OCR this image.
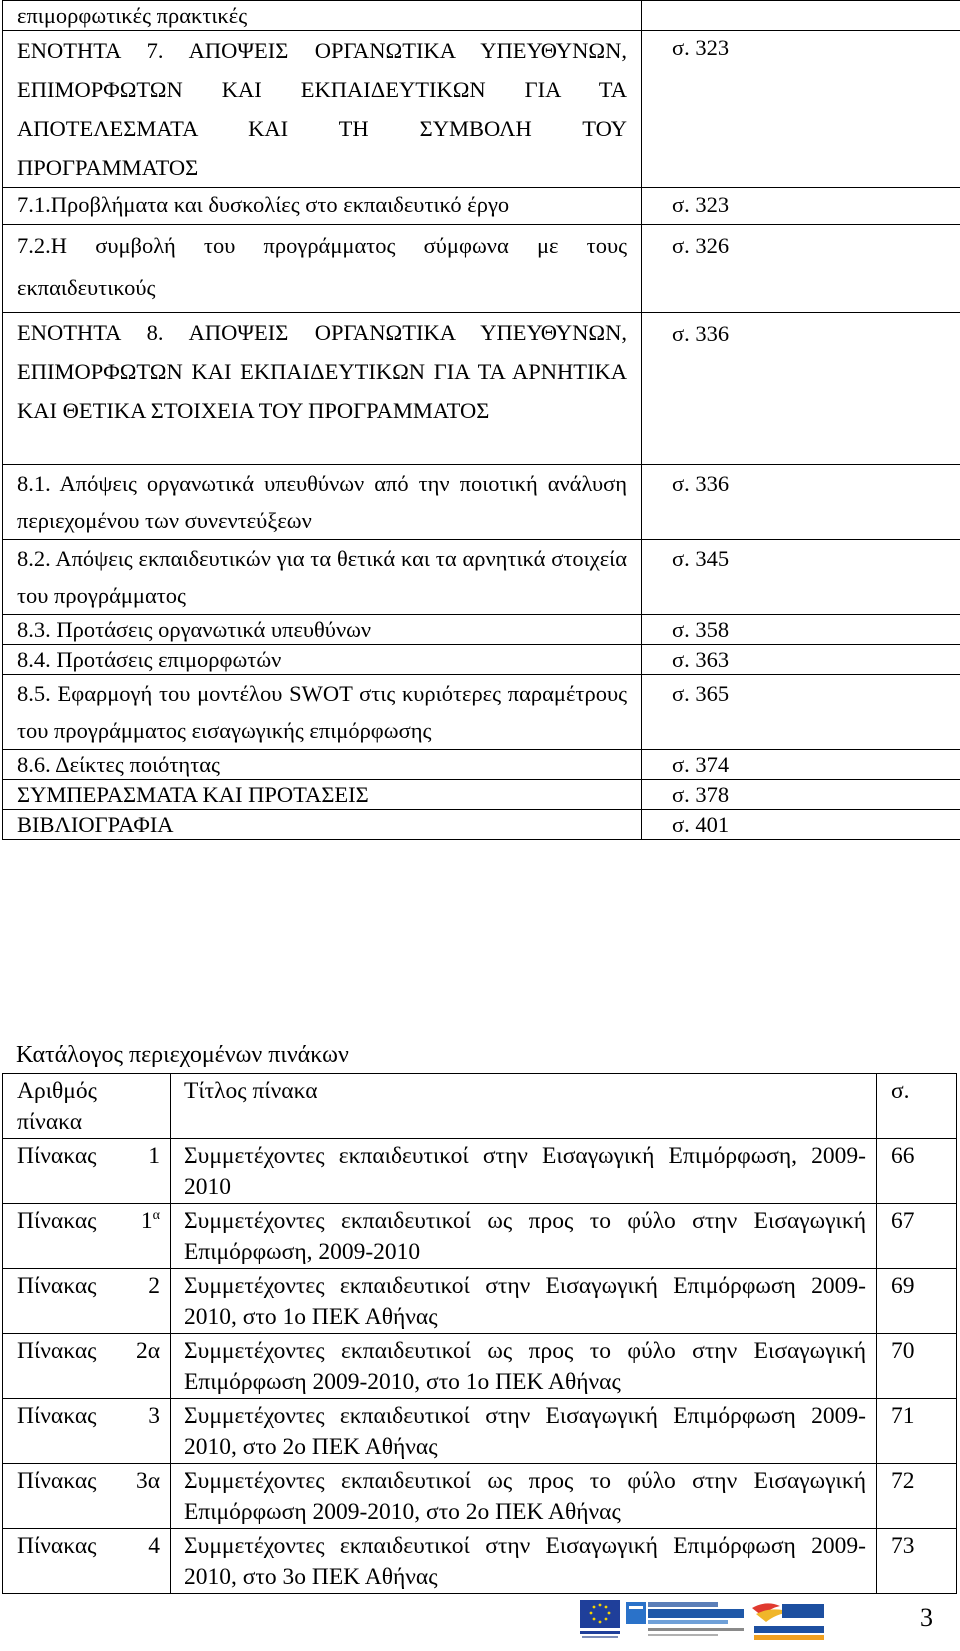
επιμορφωτικές πρακτικές	
ΕΝΟΤΗΤΑ 7. ΑΠΟΨΕΙΣ ΟΡΓΑΝΩΤΙΚΑ ΥΠΕΥΘΥΝΩΝ, ΕΠΙΜΟΡΦΩΤΩΝ ΚΑΙ ΕΚΠΑΙΔΕΥΤΙΚΩΝ ΓΙΑ ΤΑ ΑΠΟΤΕΛΕΣΜΑΤΑ ΚΑΙ ΤΗ ΣΥΜΒΟΛΗ ΤΟΥ ΠΡΟΓΡΑΜΜΑΤΟΣ	σ. 323
7.1.Προβλήματα και δυσκολίες στο εκπαιδευτικό έργο	σ. 323
7.2.Η συμβολή του προγράμματος σύμφωνα με τους εκπαιδευτικούς	σ. 326
ΕΝΟΤΗΤΑ 8. ΑΠΟΨΕΙΣ ΟΡΓΑΝΩΤΙΚΑ ΥΠΕΥΘΥΝΩΝ, ΕΠΙΜΟΡΦΩΤΩΝ ΚΑΙ ΕΚΠΑΙΔΕΥΤΙΚΩΝ ΓΙΑ ΤΑ ΑΡΝΗΤΙΚΑ ΚΑΙ ΘΕΤΙΚΑ ΣΤΟΙΧΕΙΑ ΤΟΥ ΠΡΟΓΡΑΜΜΑΤΟΣ	σ. 336
8.1. Απόψεις οργανωτικά υπευθύνων από την ποιοτική ανάλυση περιεχομένου των συνεντεύξεων	σ. 336
8.2. Απόψεις εκπαιδευτικών για τα θετικά και τα αρνητικά στοιχεία του προγράμματος	σ. 345
8.3. Προτάσεις οργανωτικά υπευθύνων	σ. 358
8.4. Προτάσεις επιμορφωτών	σ. 363
8.5. Εφαρμογή του μοντέλου SWOT στις κυριότερες παραμέτρους του προγράμματος εισαγωγικής επιμόρφωσης	σ. 365
8.6. Δείκτες ποιότητας	σ. 374
ΣΥΜΠΕΡΑΣΜΑΤΑ ΚΑΙ ΠΡΟΤΑΣΕΙΣ	σ. 378
ΒΙΒΛΙΟΓΡΑΦΙΑ	σ. 401
Κατάλογος περιεχομένων πινάκων
Αριθμός πίνακα	Τίτλος πίνακα	σ.

Πίνακας 1	Συμμετέχοντες εκπαιδευτικοί στην Εισαγωγική Επιμόρφωση, 2009-2010	66

Πίνακας $1^\alpha$	Συμμετέχοντες εκπαιδευτικοί ως προς το φύλο στην Εισαγωγική Επιμόρφωση, 2009-2010	67

Πίνακας 2	Συμμετέχοντες εκπαιδευτικοί στην Εισαγωγική Επιμόρφωση 2009-2010, στο 1ο ΠΕΚ Αθήνας	69

Πίνακας 2α	Συμμετέχοντες εκπαιδευτικοί ως προς το φύλο στην Εισαγωγική Επιμόρφωση 2009-2010, στο 1ο ΠΕΚ Αθήνας	70

Πίνακας 3	Συμμετέχοντες εκπαιδευτικοί στην Εισαγωγική Επιμόρφωση 2009-2010, στο 2ο ΠΕΚ Αθήνας	71

Πίνακας 3α	Συμμετέχοντες εκπαιδευτικοί ως προς το φύλο στην Εισαγωγική Επιμόρφωση 2009-2010, στο 2ο ΠΕΚ Αθήνας	72

Πίνακας 4	Συμμετέχοντες εκπαιδευτικοί στην Εισαγωγική Επιμόρφωση 2009-2010, στο 3ο ΠΕΚ Αθήνας	73
3
